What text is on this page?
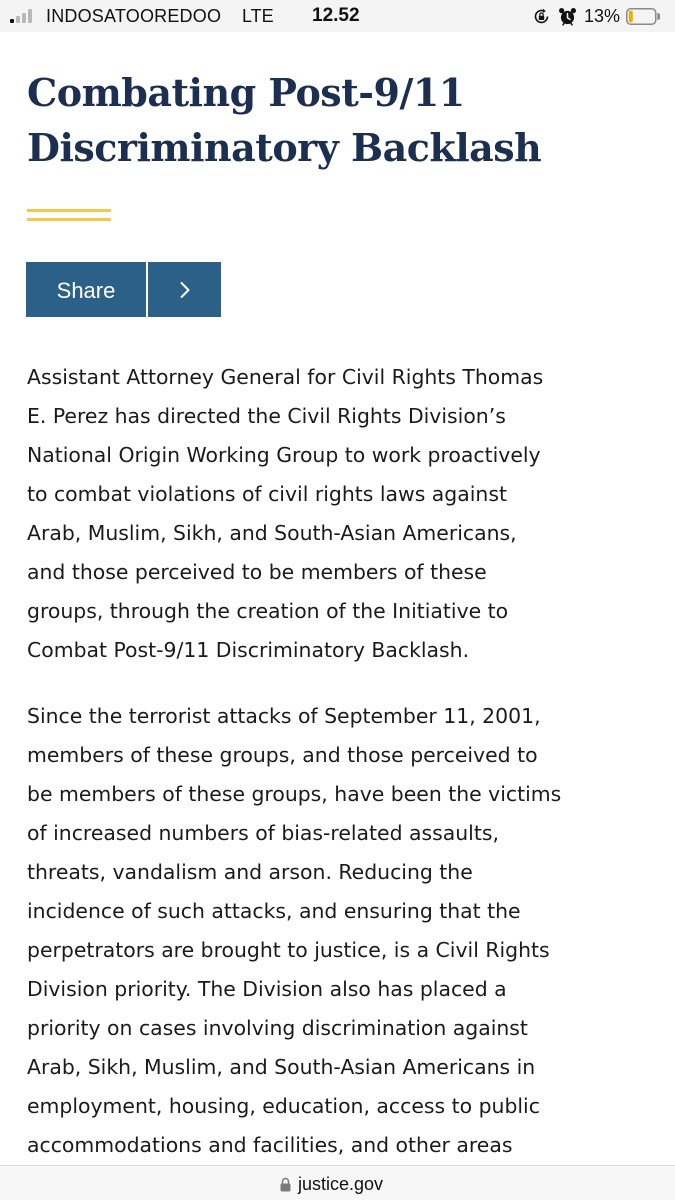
INDOSATOOREDOO LTE 12.52	13%
Combating Post-9/11
Discriminatory Backlash
Share

Assistant Attorney General for Civil Rights Thomas
E. Perez has directed the Civil Rights Division’s
National Origin Working Group to work proactively
to combat violations of civil rights laws against
Arab, Muslim, Sikh, and South-Asian Americans,
and those perceived to be members of these
groups, through the creation of the Initiative to
Combat Post-9/11 Discriminatory Backlash.

Since the terrorist attacks of September 11, 2001,
members of these groups, and those perceived to
be members of these groups, have been the victims
of increased numbers of bias-related assaults,
threats, vandalism and arson. Reducing the
incidence of such attacks, and ensuring that the
perpetrators are brought to justice, is a Civil Rights
Division priority. The Division also has placed a
priority on cases involving discrimination against
Arab, Sikh, Muslim, and South-Asian Americans in
employment, housing, education, access to public
accommodations and facilities, and other areas

justice.gov
